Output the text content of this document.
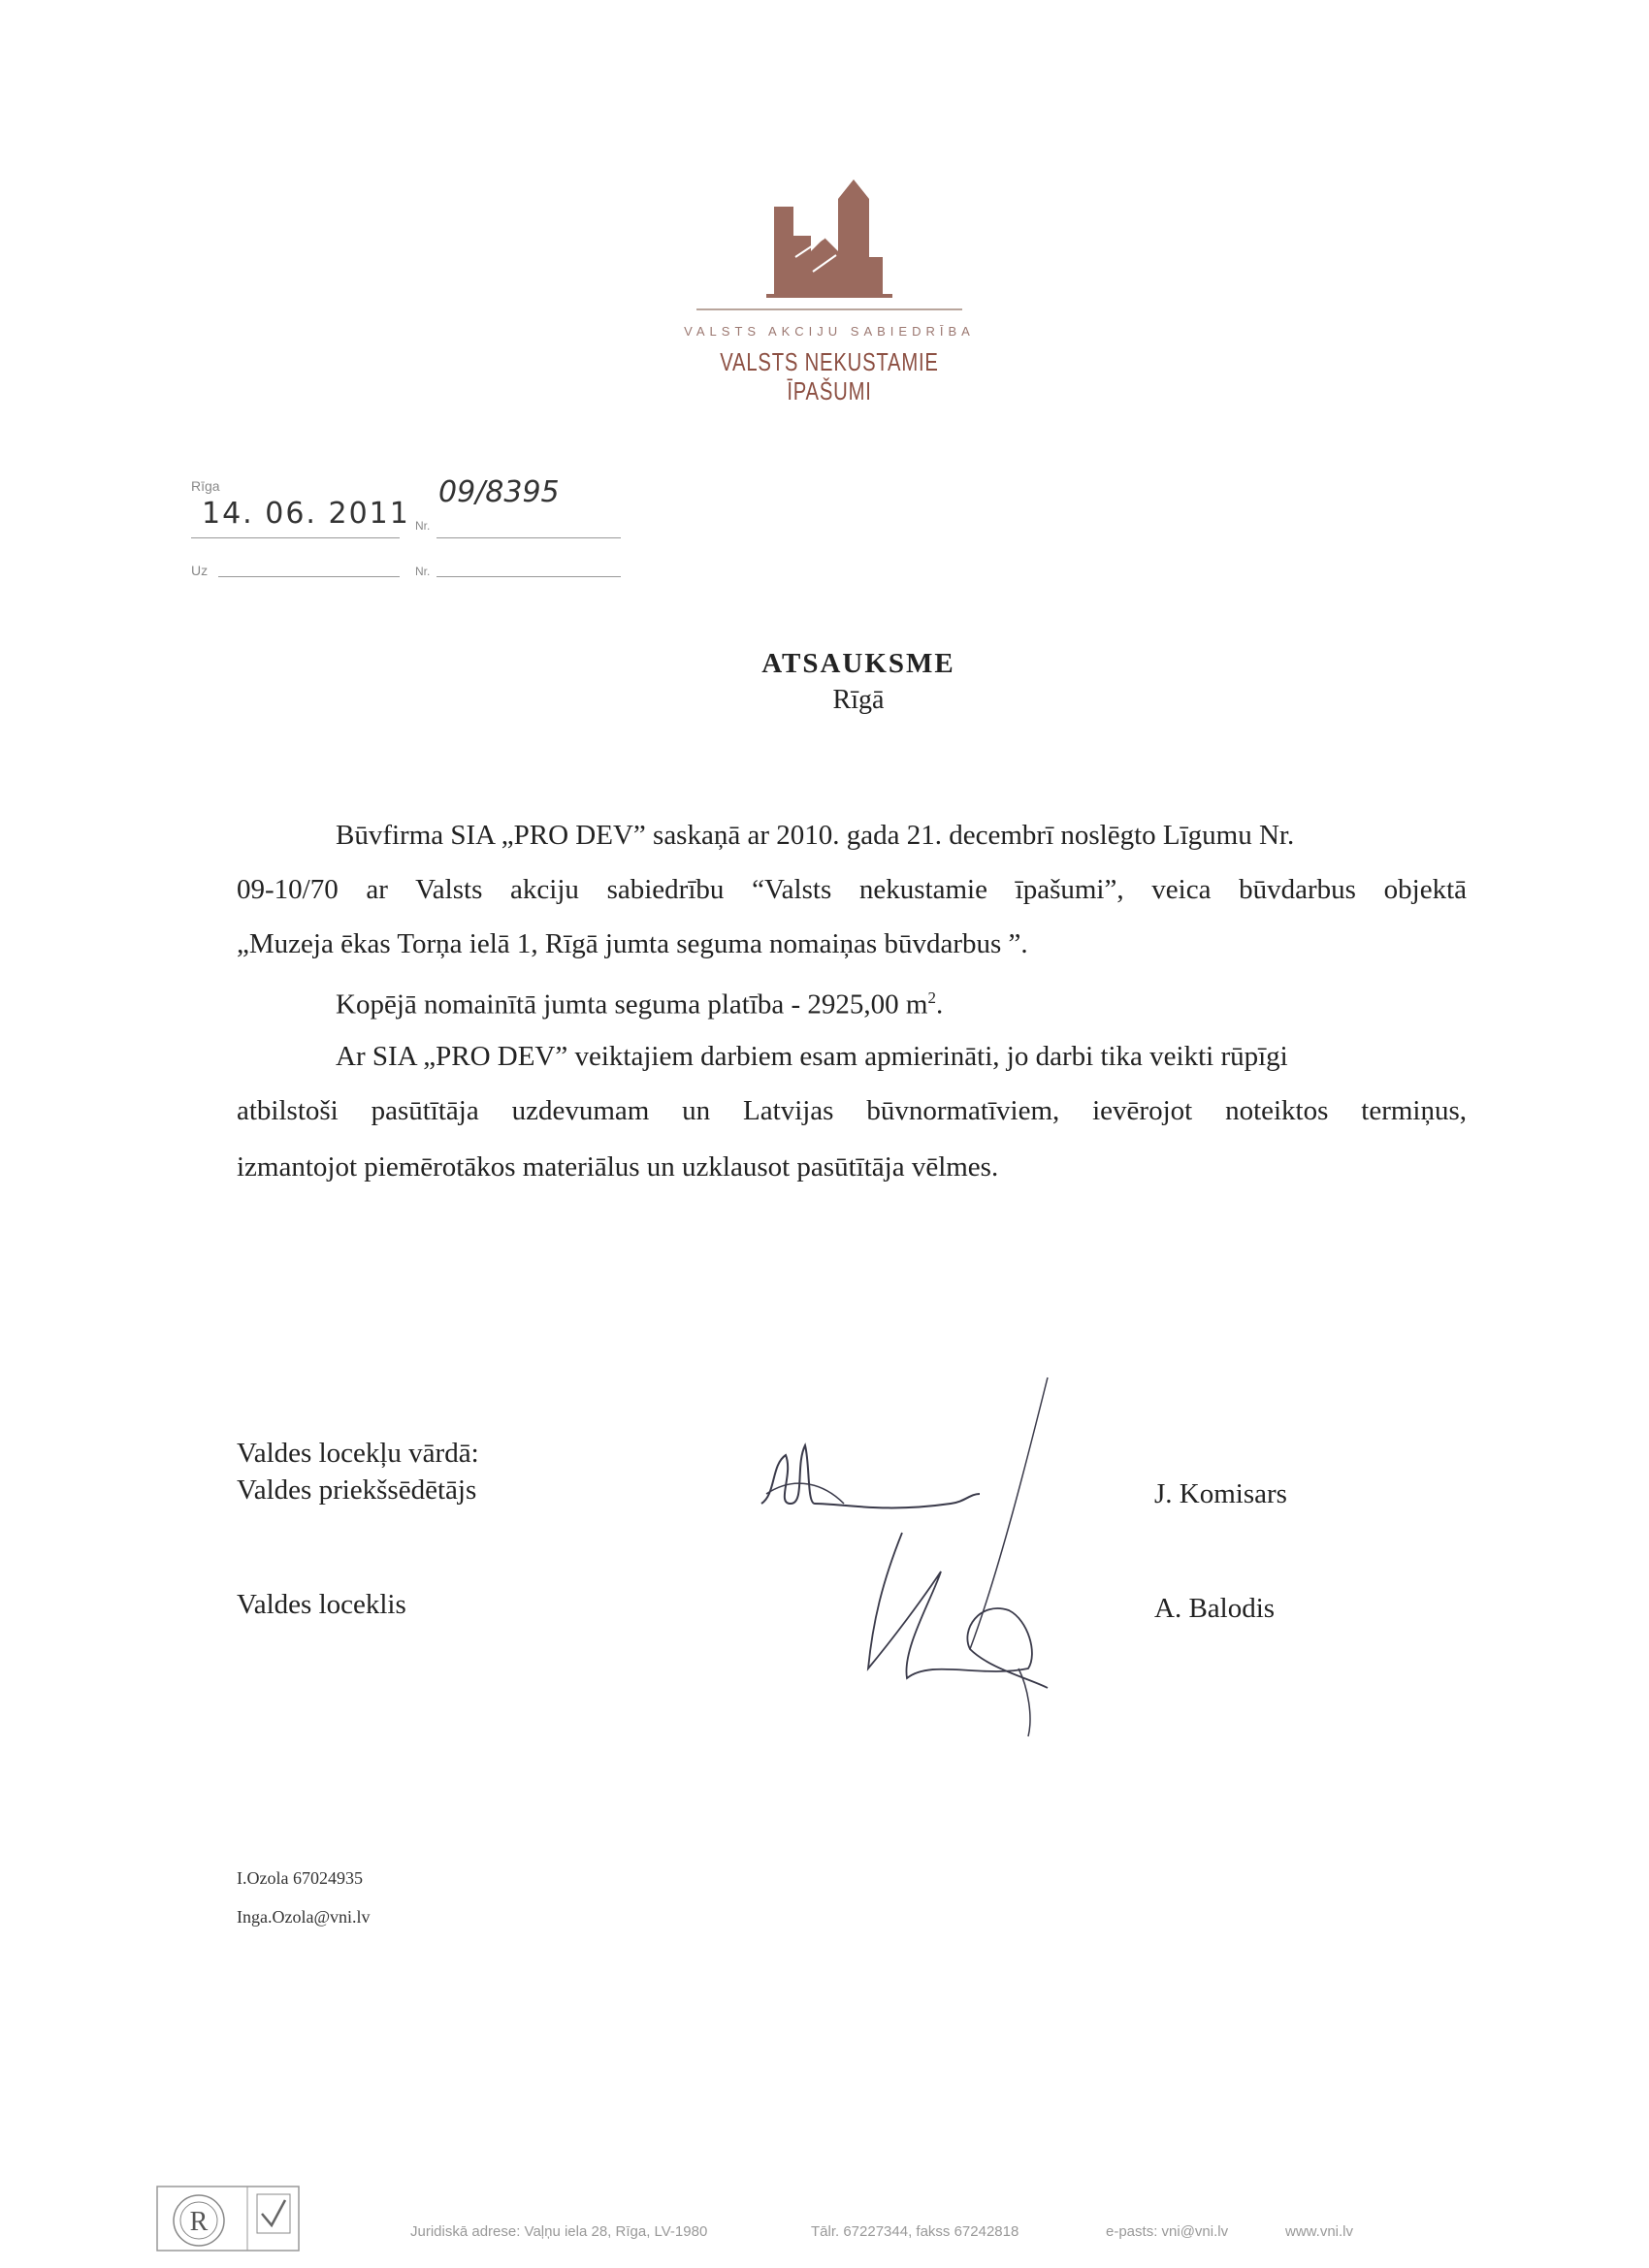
VALSTS AKCIJU SABIEDRĪBA
VALSTS NEKUSTAMIE
ĪPAŠUMI
Rīga
14. 06. 2011 Nr.
09/8395
Uz	Nr.
ATSAUKSME
Rīgā
Būvfirma SIA „PRO DEV” saskaņā ar 2010. gada 21. decembrī noslēgto Līgumu Nr.
09-10/70 ar Valsts akciju sabiedrību “Valsts nekustamie īpašumi”, veica būvdarbus objektā
„Muzeja ēkas Torņa ielā 1, Rīgā jumta seguma nomaiņas būvdarbus ”.
Kopējā nomainītā jumta seguma platība - 2925,00 $m^2$.
Ar SIA „PRO DEV” veiktajiem darbiem esam apmierināti, jo darbi tika veikti rūpīgi
atbilstoši pasūtītāja uzdevumam un Latvijas būvnormatīviem, ievērojot noteiktos termiņus,
izmantojot piemērotākos materiālus un uzklausot pasūtītāja vēlmes.
Valdes locekļu vārdā:
Valdes priekšsēdētājs	J. Komisars
Valdes loceklis	A. Balodis
I.Ozola 67024935
Inga.Ozola@vni.lv
R	Juridiskā adrese: Vaļņu iela 28, Rīga, LV-1980	Tālr. 67227344, fakss 67242818	e-pasts: vni@vni.lv	www.vni.lv
